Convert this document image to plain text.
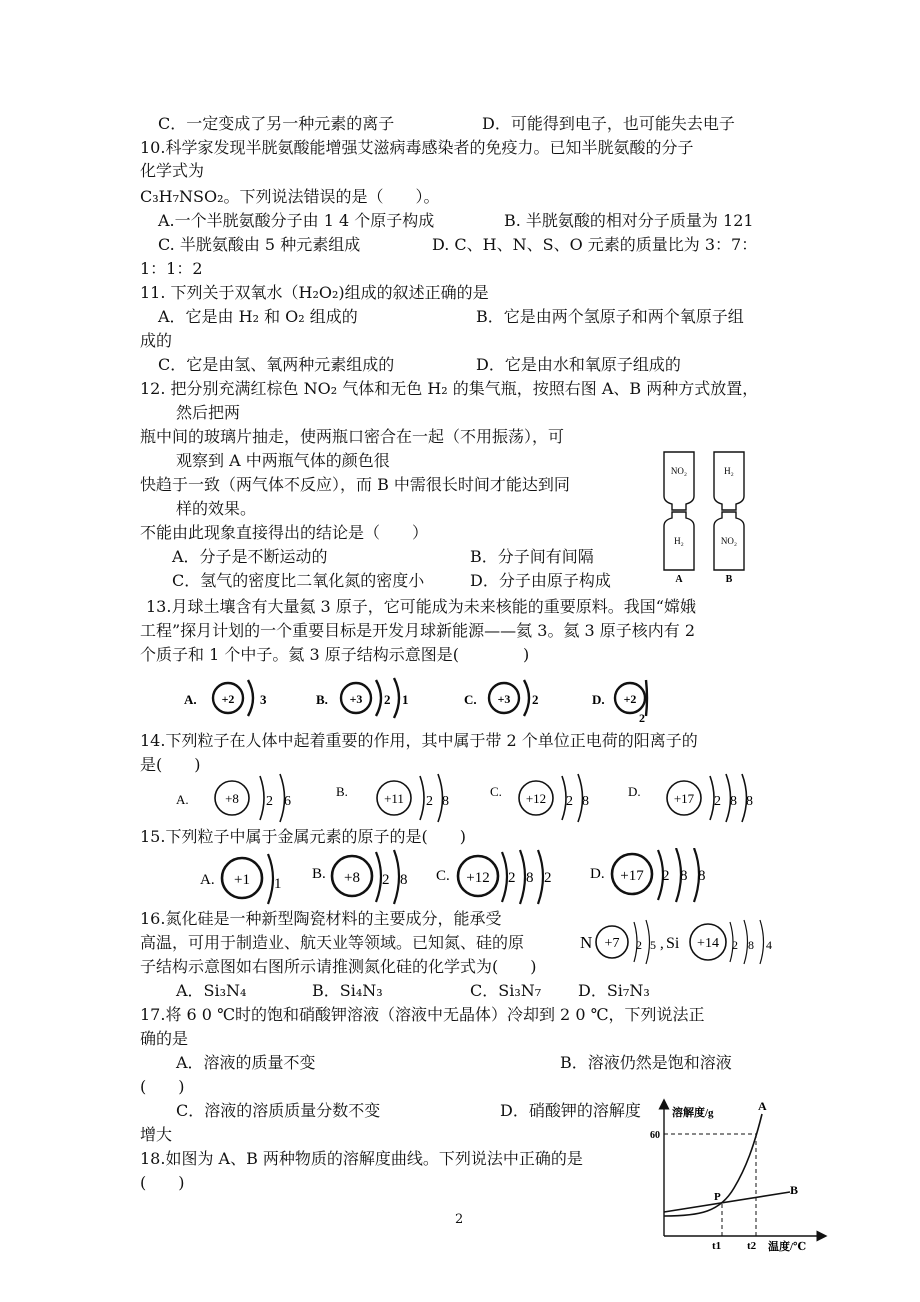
C．一定变成了另一种元素的离子	D．可能得到电子，也可能失去电子
10.科学家发现半胱氨酸能增强艾滋病毒感染者的免疫力。已知半胱氨酸的分子
化学式为
C₃H₇NSO₂。下列说法错误的是（　　）。
A.一个半胱氨酸分子由 1 4 个原子构成	B. 半胱氨酸的相对分子质量为 121
C. 半胱氨酸由 5 种元素组成	D. C、H、N、S、O 元素的质量比为 3：7：
1：1：2
11. 下列关于双氧水（H₂O₂)组成的叙述正确的是
A．它是由 H₂ 和 O₂ 组成的	B．它是由两个氢原子和两个氧原子组
成的
C．它是由氢、氧两种元素组成的	D．它是由水和氧原子组成的
12. 把分别充满红棕色 NO₂ 气体和无色 H₂ 的集气瓶，按照右图 A、B 两种方式放置，
然后把两
瓶中间的玻璃片抽走，使两瓶口密合在一起（不用振荡），可
观察到 A 中两瓶气体的颜色很
快趋于一致（两气体不反应），而 B 中需很长时间才能达到同
样的效果。
不能由此现象直接得出的结论是（　　）
A．分子是不断运动的	B．分子间有间隔
C．氢气的密度比二氧化氮的密度小	D．分子由原子构成
13.月球土壤含有大量氦 3 原子，它可能成为未来核能的重要原料。我国“嫦娥
工程”探月计划的一个重要目标是开发月球新能源——氦 3。氦 3 原子核内有 2
个质子和 1 个中子。氦 3 原子结构示意图是(　　　　)
14.下列粒子在人体中起着重要的作用，其中属于带 2 个单位正电荷的阳离子的
是(　　)
15.下列粒子中属于金属元素的原子的是(　　)
16.氮化硅是一种新型陶瓷材料的主要成分，能承受
高温，可用于制造业、航天业等领域。已知氮、硅的原
子结构示意图如右图所示请推测氮化硅的化学式为(　　)
A．Si₃N₄	B．Si₄N₃	C．Si₃N₇ D．Si₇N₃
17.将 6 0 ℃时的饱和硝酸钾溶液（溶液中无晶体）冷却到 2 0 ℃，下列说法正
确的是
A．溶液的质量不变	B．溶液仍然是饱和溶液
(　　)
C．溶液的溶质质量分数不变	D．硝酸钾的溶解度
增大
18.如图为 A、B 两种物质的溶解度曲线。下列说法中正确的是
(　　)
2
NO₂
H₂
H₂
NO₂
A	B
A. +2 3	B. +3 2 1	C. +3 2	D. +2
2
A.	+8 2 6
B.	+11 2 8
C. +12 2 8
D.	+17 2 8 8
A. +1 1
B. +8 2 8 C. +12 2 8 2	D. +17 2 8 8
N +7 2 5 , Si +14 2 8 4
溶解度/g
温度/℃
60
t1 t2
A
B
P
